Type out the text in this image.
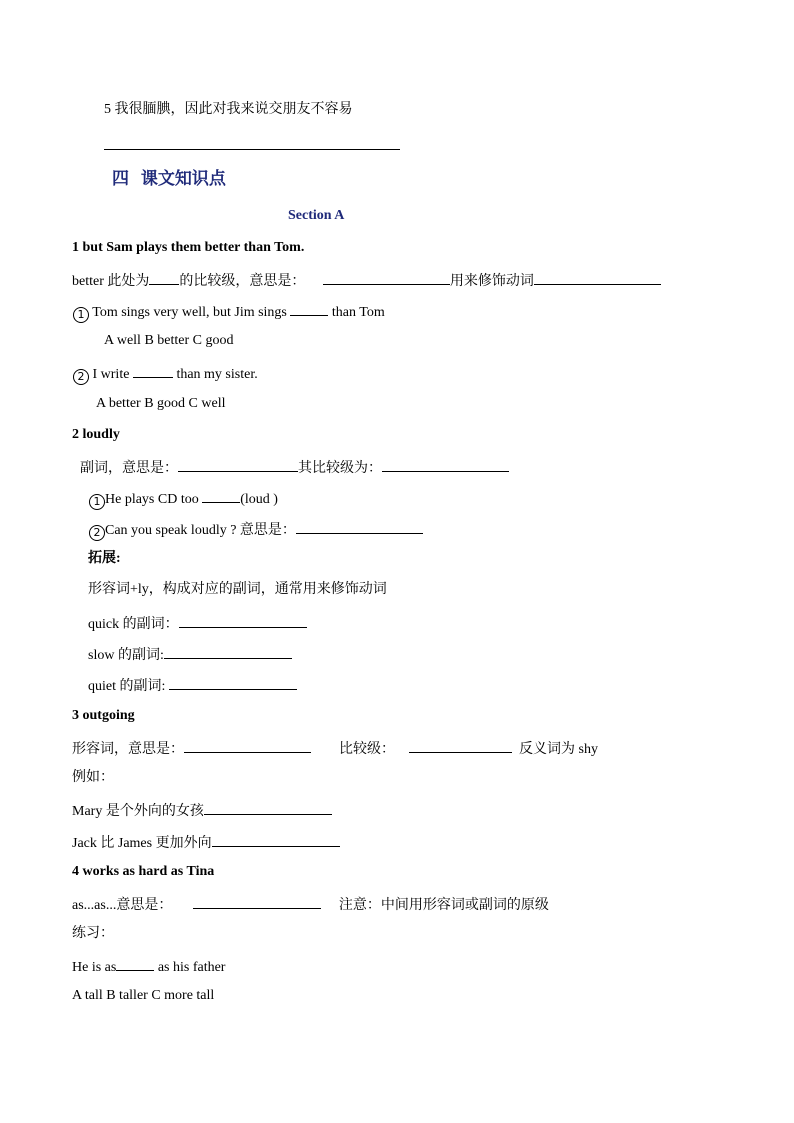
5 我很腼腆，因此对我来说交朋友不容易
四 课文知识点
Section A
1 but Sam plays them better than Tom.
better 此处为 的比较级，意思是：	用来修饰动词
1 Tom sings very well, but Jim sings	than Tom
A well B better C good
2 I write	than my sister.
A better B good C well
2 loudly
副词，意思是：	其比较级为：
1 He plays CD too	(loud )
2 Can you speak loudly ? 意思是：
拓展:
形容词+ly，构成对应的副词，通常用来修饰动词
quick 的副词：
slow 的副词:
quiet 的副词:
3 outgoing
形容词，意思是：	比较级：	反义词为 shy
例如：
Mary 是个外向的女孩
Jack 比 James 更加外向
4 works as hard as Tina
as...as...意思是：	注意：中间用形容词或副词的原级
练习：
He is as	as his father
A tall B taller C more tall
